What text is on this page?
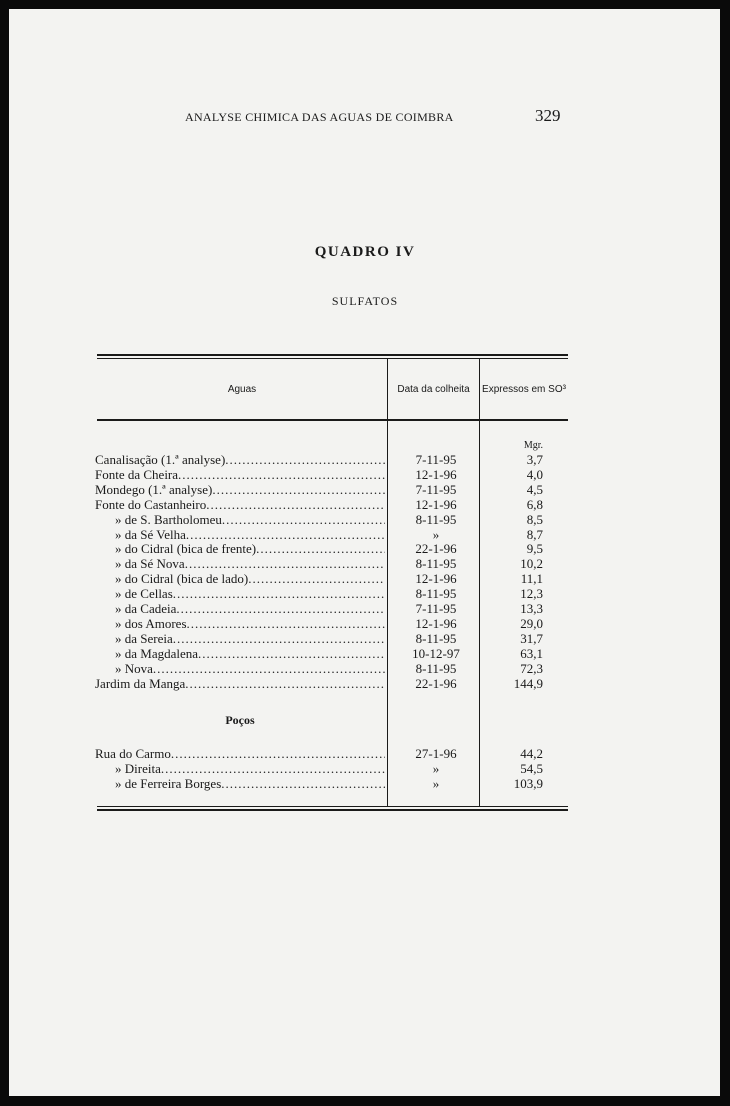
ANALYSE CHIMICA DAS AGUAS DE COIMBRA	329
QUADRO IV
SULFATOS
Aguas	Data da colheita	Expressos em SO³
Mgr.
Canalisação (1.ª analyse) .....	7-11-95	3,7
Fonte da Cheira .....	12-1-96	4,0
Mondego (1.ª analyse) .....	7-11-95	4,5
Fonte do Castanheiro .....	12-1-96	6,8
» de S. Bartholomeu .....	8-11-95	8,5
» da Sé Velha .....	»	8,7
» do Cidral (bica de frente) .....	22-1-96	9,5
» da Sé Nova .....	8-11-95	10,2
» do Cidral (bica de lado) .....	12-1-96	11,1
» de Cellas .....	8-11-95	12,3
» da Cadeia .....	7-11-95	13,3
» dos Amores .....	12-1-96	29,0
» da Sereia .....	8-11-95	31,7
» da Magdalena .....	10-12-97	63,1
» Nova .....	8-11-95	72,3
Jardim da Manga .....	22-1-96	144,9
Poços
Rua do Carmo .....	27-1-96	44,2
» Direita .....	»	54,5
» de Ferreira Borges .....	»	103,9
